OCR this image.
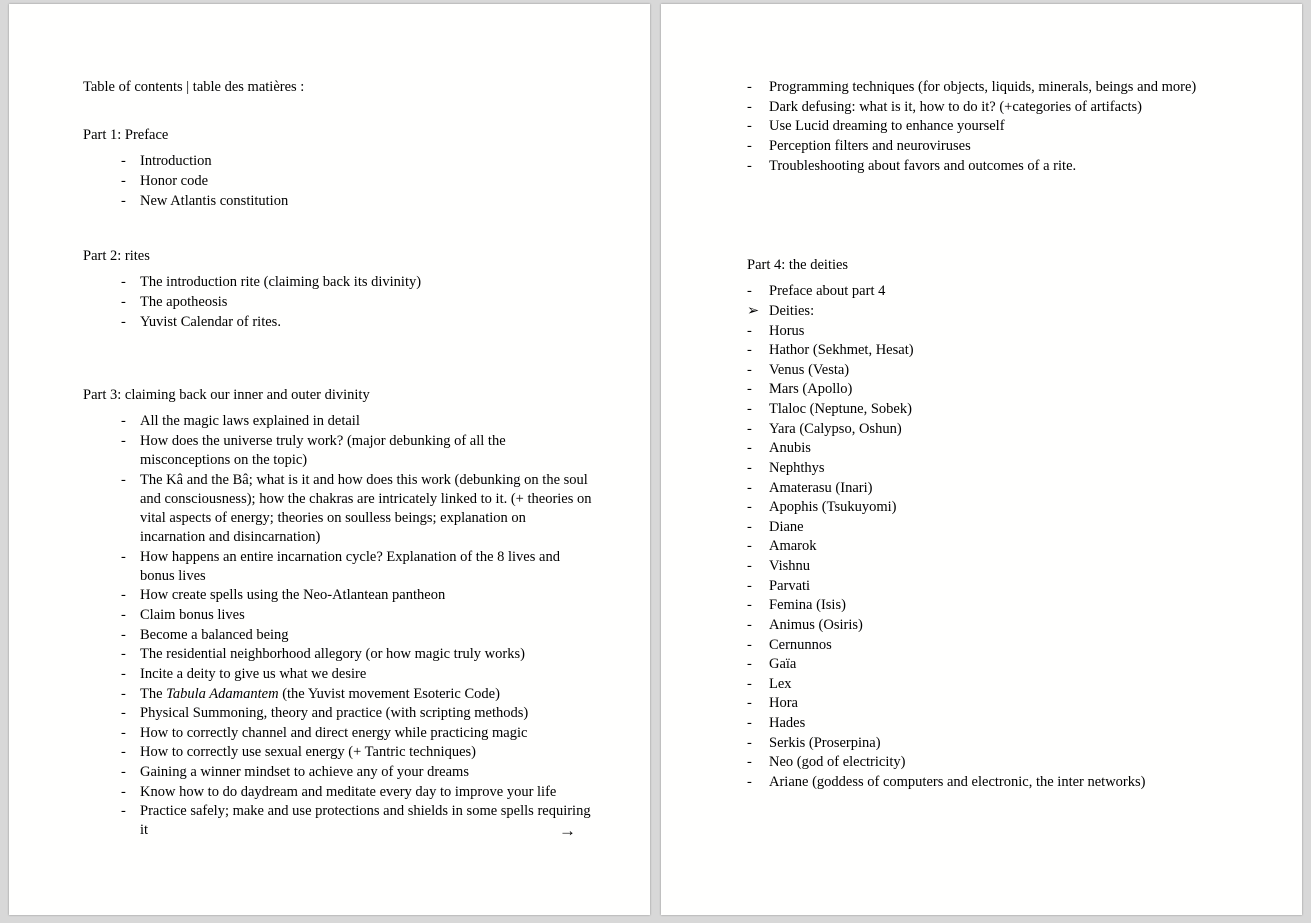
Table of contents | table des matières :
Part 1: Preface
- Introduction
- Honor code
- New Atlantis constitution
Part 2: rites
- The introduction rite (claiming back its divinity)
- The apotheosis
- Yuvist Calendar of rites.
Part 3: claiming back our inner and outer divinity
- All the magic laws explained in detail
- How does the universe truly work? (major debunking of all the misconceptions on the topic)
- The Kâ and the Bâ; what is it and how does this work (debunking on the soul and consciousness); how the chakras are intricately linked to it. (+ theories on vital aspects of energy; theories on soulless beings; explanation on incarnation and disincarnation)
- How happens an entire incarnation cycle? Explanation of the 8 lives and bonus lives
- How create spells using the Neo-Atlantean pantheon
- Claim bonus lives
- Become a balanced being
- The residential neighborhood allegory (or how magic truly works)
- Incite a deity to give us what we desire
- The Tabula Adamantem (the Yuvist movement Esoteric Code)
- Physical Summoning, theory and practice (with scripting methods)
- How to correctly channel and direct energy while practicing magic
- How to correctly use sexual energy (+ Tantric techniques)
- Gaining a winner mindset to achieve any of your dreams
- Know how to do daydream and meditate every day to improve your life
- Practice safely; make and use protections and shields in some spells requiring it	→
-	Programming techniques (for objects, liquids, minerals, beings and more)
-	Dark defusing: what is it, how to do it? (+categories of artifacts)
-	Use Lucid dreaming to enhance yourself
-	Perception filters and neuroviruses
-	Troubleshooting about favors and outcomes of a rite.
Part 4: the deities
-	Preface about part 4
➢ Deities:
-	Horus
-	Hathor (Sekhmet, Hesat)
-	Venus (Vesta)
-	Mars (Apollo)
-	Tlaloc (Neptune, Sobek)
-	Yara (Calypso, Oshun)
-	Anubis
-	Nephthys
-	Amaterasu (Inari)
-	Apophis (Tsukuyomi)
-	Diane
-	Amarok
-	Vishnu
-	Parvati
-	Femina (Isis)
-	Animus (Osiris)
-	Cernunnos
-	Gaïa
-	Lex
-	Hora
-	Hades
-	Serkis (Proserpina)
-	Neo (god of electricity)
-	Ariane (goddess of computers and electronic, the inter networks)
